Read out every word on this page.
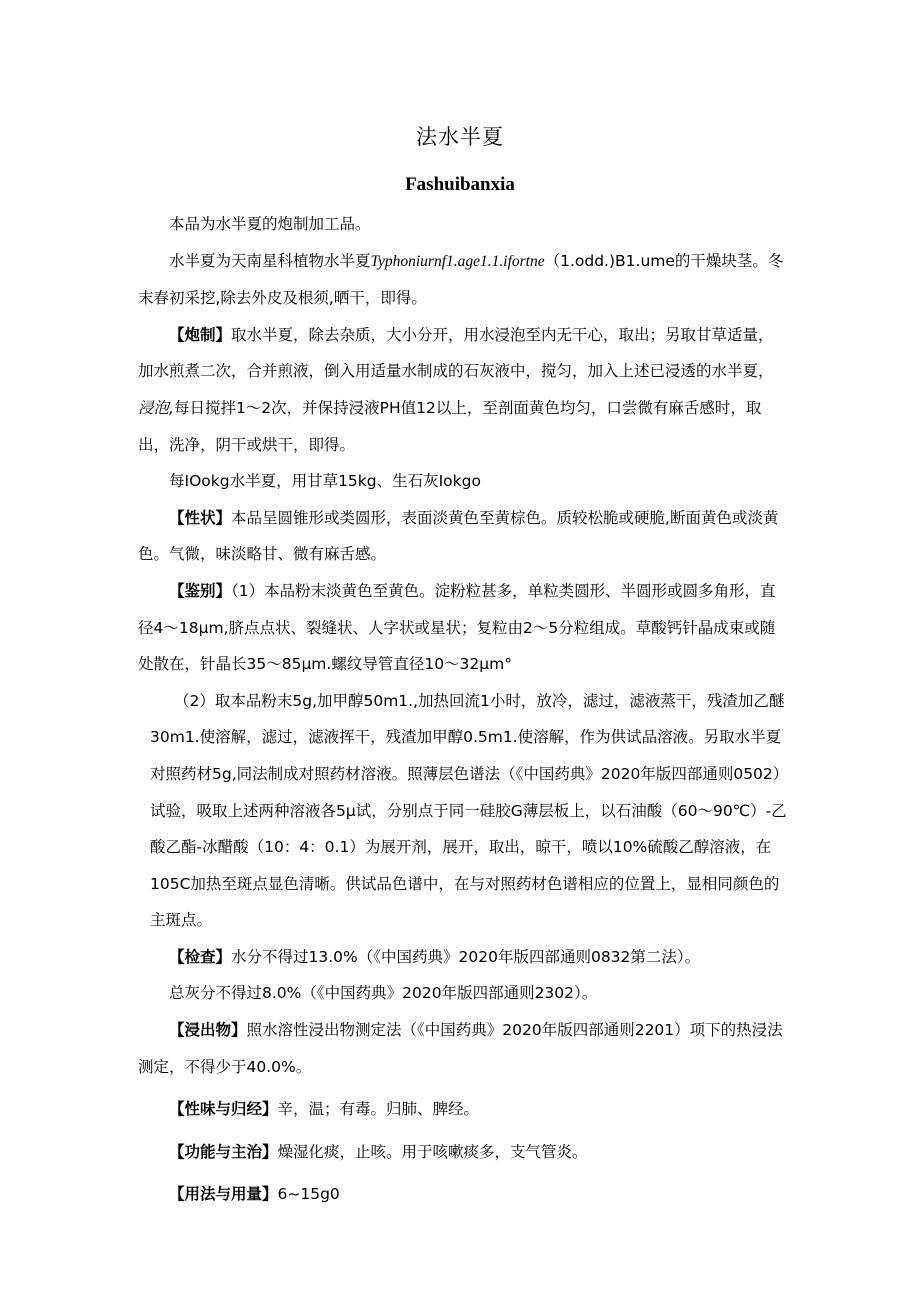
法水半夏
Fashuibanxia

本品为水半夏的炮制加工品。

水半夏为天南星科植物水半夏Typhoniurnf1.age1.1.ifortne（1.odd.)B1.ume的干燥块茎。冬末春初采挖,除去外皮及根须,晒干，即得。

【炮制】取水半夏，除去杂质，大小分开，用水浸泡至内无干心，取出；另取甘草适量，加水煎煮二次，合并煎液，倒入用适量水制成的石灰液中，搅匀，加入上述已浸透的水半夏，浸泡,每日搅拌1～2次，并保持浸液PH值12以上，至剖面黄色均匀，口尝微有麻舌感时，取出，洗净，阴干或烘干，即得。

每IOokg水半夏，用甘草15kg、生石灰Iokgo

【性状】本品呈圆锥形或类圆形，表面淡黄色至黄棕色。质较松脆或硬脆,断面黄色或淡黄色。气微，味淡略甘、微有麻舌感。

【鉴别】（1）本品粉末淡黄色至黄色。淀粉粒甚多，单粒类圆形、半圆形或圆多角形，直径4～18μm,脐点点状、裂缝状、人字状或星状；复粒由2～5分粒组成。草酸钙针晶成束或随处散在，针晶长35～85μm.螺纹导管直径10～32μm°

（2）取本品粉末5g,加甲醇50m1.,加热回流1小时，放冷，滤过，滤液蒸干，残渣加乙醚30m1.使溶解，滤过，滤液挥干，残渣加甲醇0.5m1.使溶解，作为供试品溶液。另取水半夏对照药材5g,同法制成对照药材溶液。照薄层色谱法（《中国药典》2020年版四部通则0502）试验，吸取上述两种溶液各5μ试，分别点于同一硅胶G薄层板上，以石油酸（60～90℃）-乙酸乙酯-冰醋酸（10：4：0.1）为展开剂，展开，取出，晾干，喷以10%硫酸乙醇溶液，在105C加热至斑点显色清晰。供试品色谱中，在与对照药材色谱相应的位置上，显相同颜色的主斑点。

【检查】水分不得过13.0%（《中国药典》2020年版四部通则0832第二法）。

总灰分不得过8.0%（《中国药典》2020年版四部通则2302）。

【浸出物】照水溶性浸出物测定法（《中国药典》2020年版四部通则2201）项下的热浸法测定，不得少于40.0%。

【性味与归经】辛，温；有毒。归肺、脾经。

【功能与主治】燥湿化痰，止咳。用于咳嗽痰多，支气管炎。

【用法与用量】6~15g0
